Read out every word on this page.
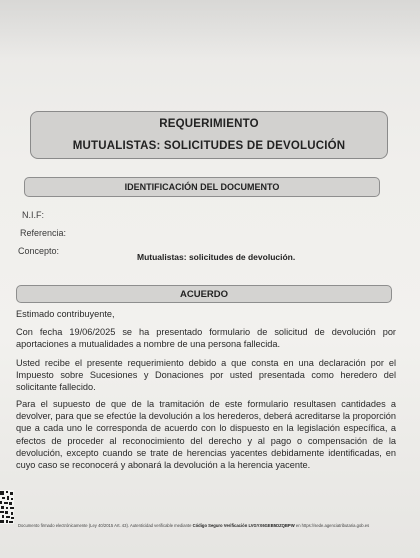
REQUERIMIENTO
MUTUALISTAS: SOLICITUDES DE DEVOLUCIÓN
IDENTIFICACIÓN DEL DOCUMENTO
N.I.F:
Referencia:
Concepto:
Mutualistas: solicitudes de devolución.
ACUERDO
Estimado contribuyente,
Con fecha 19/06/2025 se ha presentado formulario de solicitud de devolución por aportaciones a mutualidades a nombre de una persona fallecida.
Usted recibe el presente requerimiento debido a que consta en una declaración por el Impuesto sobre Sucesiones y Donaciones por usted presentada como heredero del solicitante fallecido.
Para el supuesto de que de la tramitación de este formulario resultasen cantidades a devolver, para que se efectúe la devolución a los herederos, deberá acreditarse la proporción que a cada uno le corresponda de acuerdo con lo dispuesto en la legislación específica, a efectos de proceder al reconocimiento del derecho y al pago o compensación de la devolución, excepto cuando se trate de herencias yacentes debidamente identificadas, en cuyo caso se reconocerá y abonará la devolución a la herencia yacente.
Documento firmado electrónicamente (Ley 40/2015 Art. 43). Autenticidad verificable mediante Código Seguro Verificación LVGYX6GEB5DZQBPW en https://sede.agenciatributaria.gob.es
